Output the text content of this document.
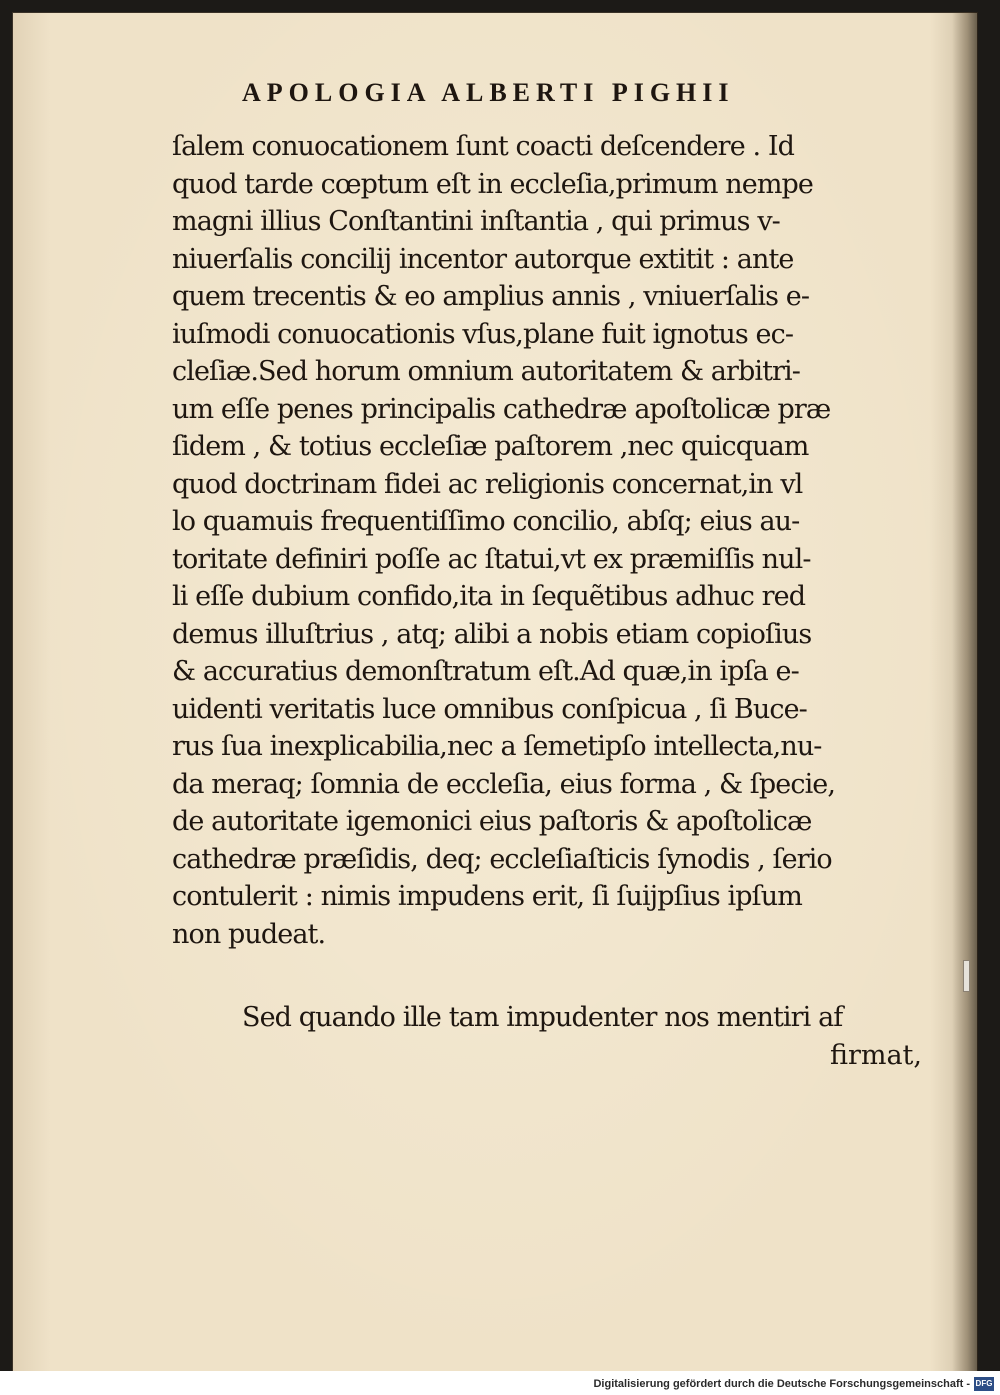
APOLOGIA ALBERTI PIGHII
ſalem conuocationem ſunt coacti deſcendere . Id
quod tarde cœptum eſt in eccleſia,primum nempe
magni illius Conſtantini inſtantia , qui primus v-
niuerſalis concilij incentor autorque extitit : ante
quem trecentis & eo amplius annis , vniuerſalis e-
iuſmodi conuocationis vſus,plane fuit ignotus ec-
cleſiæ.Sed horum omnium autoritatem & arbitri-
um eſſe penes principalis cathedræ apoſtolicæ præ
ſidem , & totius eccleſiæ paſtorem ,nec quicquam
quod doctrinam fidei ac religionis concernat,in vl
lo quamuis frequentiſſimo concilio, abſq; eius au-
toritate definiri poſſe ac ſtatui,vt ex præmiſſis nul-
li eſſe dubium confido,ita in ſequẽtibus adhuc red
demus illuſtrius , atq; alibi a nobis etiam copioſius
& accuratius demonſtratum eſt.Ad quæ,in ipſa e-
uidenti veritatis luce omnibus conſpicua , ſi Buce-
rus ſua inexplicabilia,nec a ſemetipſo intellecta,nu-
da meraq; ſomnia de eccleſia, eius forma , & ſpecie,
de autoritate igemonici eius paſtoris & apoſtolicæ
cathedræ præſidis, deq; eccleſiaſticis ſynodis , ſerio
contulerit : nimis impudens erit, ſi ſuijpſius ipſum
non pudeat.
Sed quando ille tam impudenter nos mentiri af
firmat,
Digitalisierung gefördert durch die Deutsche Forschungsgemeinschaft - DFG
